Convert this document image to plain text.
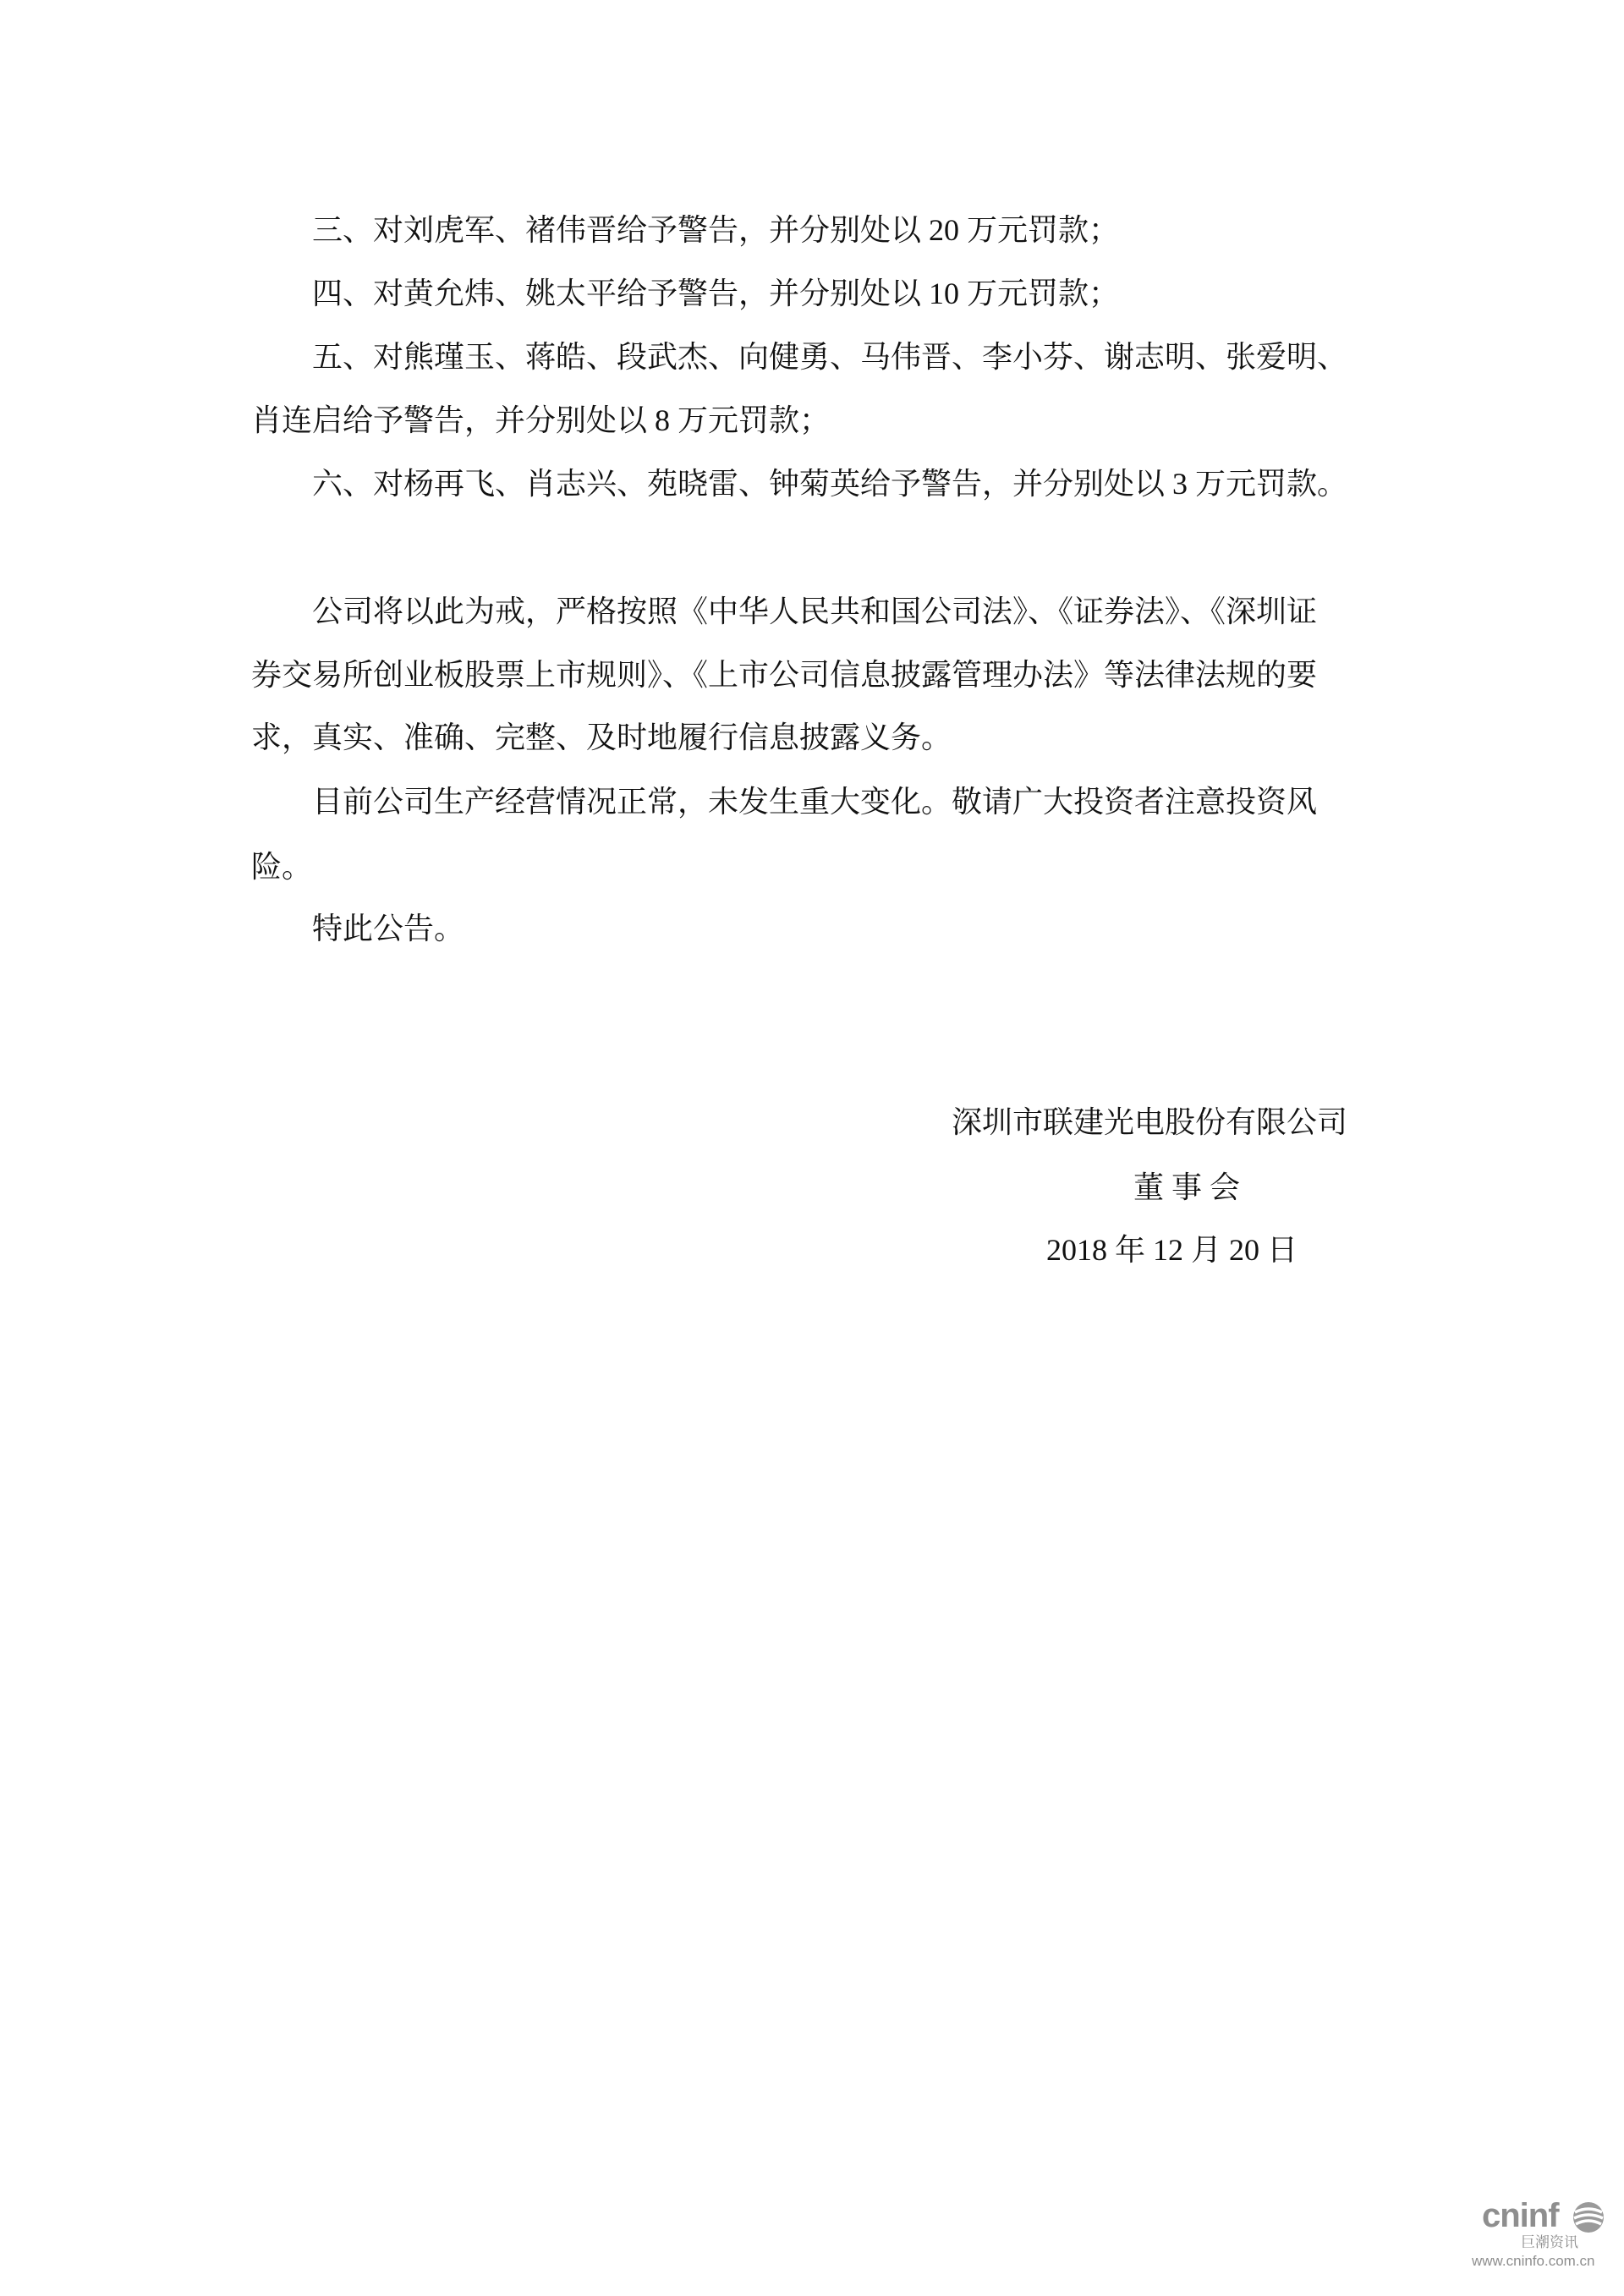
三、对刘虎军、褚伟晋给予警告，并分别处以 20 万元罚款；
四、对黄允炜、姚太平给予警告，并分别处以 10 万元罚款；
五、对熊瑾玉、蒋皓、段武杰、向健勇、马伟晋、李小芬、谢志明、张爱明、
肖连启给予警告，并分别处以 8 万元罚款；
六、对杨再飞、肖志兴、苑晓雷、钟菊英给予警告，并分别处以 3 万元罚款。
公司将以此为戒，严格按照《中华人民共和国公司法》、《证券法》、《深圳证
券交易所创业板股票上市规则》、《上市公司信息披露管理办法》等法律法规的要
求，真实、准确、完整、及时地履行信息披露义务。
目前公司生产经营情况正常，未发生重大变化。敬请广大投资者注意投资风
险。
特此公告。
深圳市联建光电股份有限公司
董 事 会
2018 年 12 月 20 日
cninf
巨潮资讯
www.cninfo.com.cn
